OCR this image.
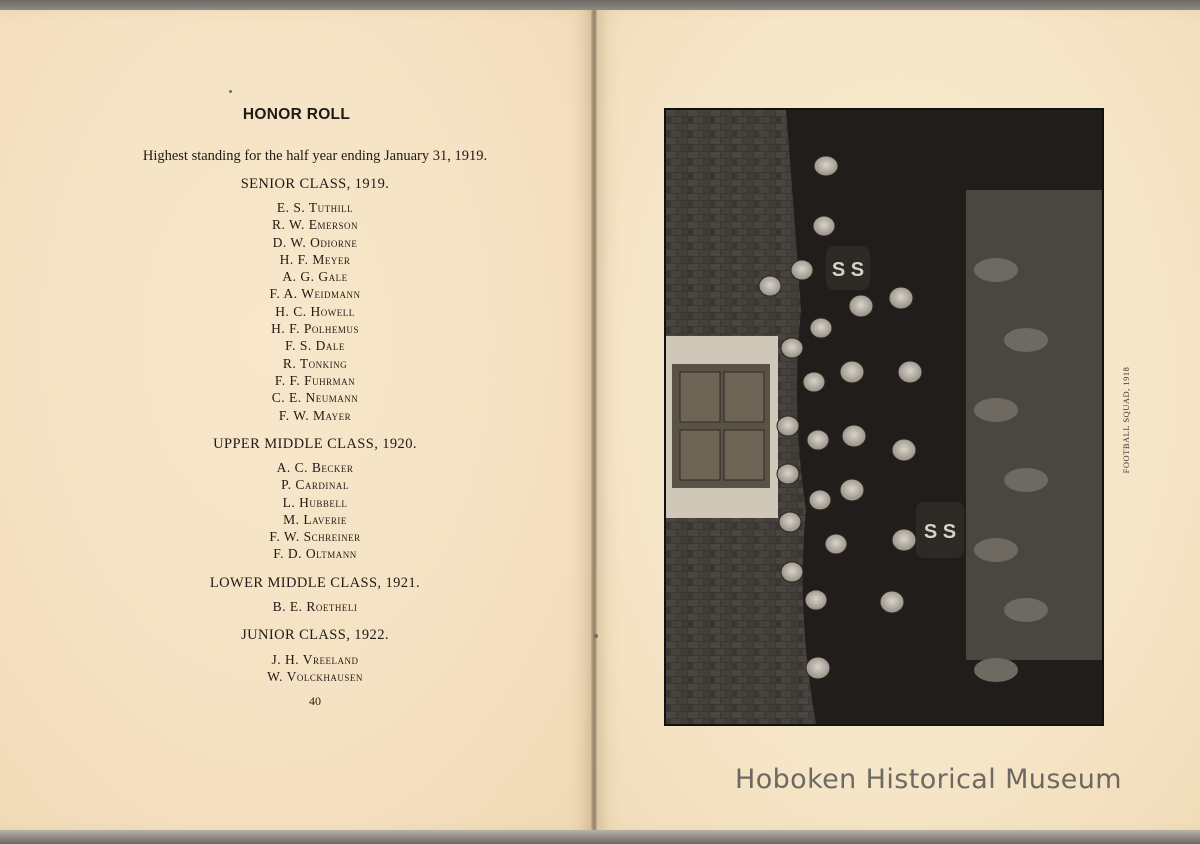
HONOR ROLL
Highest standing for the half year ending January 31, 1919.
SENIOR CLASS, 1919.
E. S. Tuthill
R. W. Emerson
D. W. Odiorne
H. F. Meyer
A. G. Gale
F. A. Weidmann
H. C. Howell
H. F. Polhemus
F. S. Dale
R. Tonking
F. F. Fuhrman
C. E. Neumann
F. W. Mayer
UPPER MIDDLE CLASS, 1920.
A. C. Becker
P. Cardinal
L. Hubbell
M. Laverie
F. W. Schreiner
F. D. Oltmann
LOWER MIDDLE CLASS, 1921.
B. E. Roetheli
JUNIOR CLASS, 1922.
J. H. Vreeland
W. Volckhausen
40
S S
S S
FOOTBALL SQUAD, 1918
Hoboken Historical Museum
